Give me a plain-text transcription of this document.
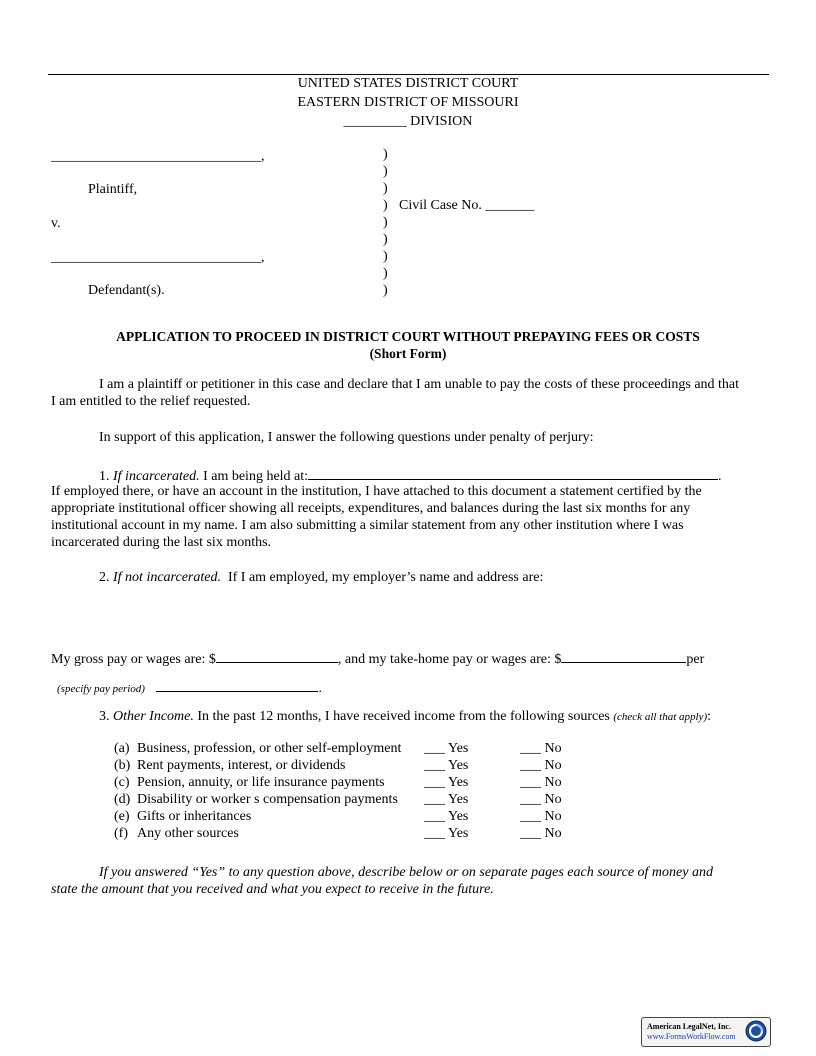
UNITED STATES DISTRICT COURT
EASTERN DISTRICT OF MISSOURI
_________ DIVISION
______________________________,
Plaintiff,
v.
______________________________,
Defendant(s).
)
)
)
)
)
)
)
)
)
Civil Case No. _______
APPLICATION TO PROCEED IN DISTRICT COURT WITHOUT PREPAYING FEES OR COSTS
(Short Form)
I am a plaintiff or petitioner in this case and declare that I am unable to pay the costs of these proceedings and that I am entitled to the relief requested.
In support of this application, I answer the following questions under penalty of perjury:
1. If incarcerated. I am being held at:	.
If employed there, or have an account in the institution, I have attached to this document a statement certified by the appropriate institutional officer showing all receipts, expenditures, and balances during the last six months for any institutional account in my name. I am also submitting a similar statement from any other institution where I was incarcerated during the last six months.
2. If not incarcerated. If I am employed, my employer’s name and address are:
My gross pay or wages are: $	, and my take-home pay or wages are: $	per
(specify pay period)	.
3. Other Income. In the past 12 months, I have received income from the following sources (check all that apply):
(a) Business, profession, or other self-employment ___ Yes	___ No
(b) Rent payments, interest, or dividends	___ Yes	___ No
(c) Pension, annuity, or life insurance payments	___ Yes	___ No
(d) Disability or worker s compensation payments ___ Yes	___ No
(e) Gifts or inheritances	___ Yes	___ No
(f) Any other sources	___ Yes	___ No
If you answered “Yes” to any question above, describe below or on separate pages each source of money and state the amount that you received and what you expect to receive in the future.
American LegalNet, Inc.
www.FormsWorkFlow.com
